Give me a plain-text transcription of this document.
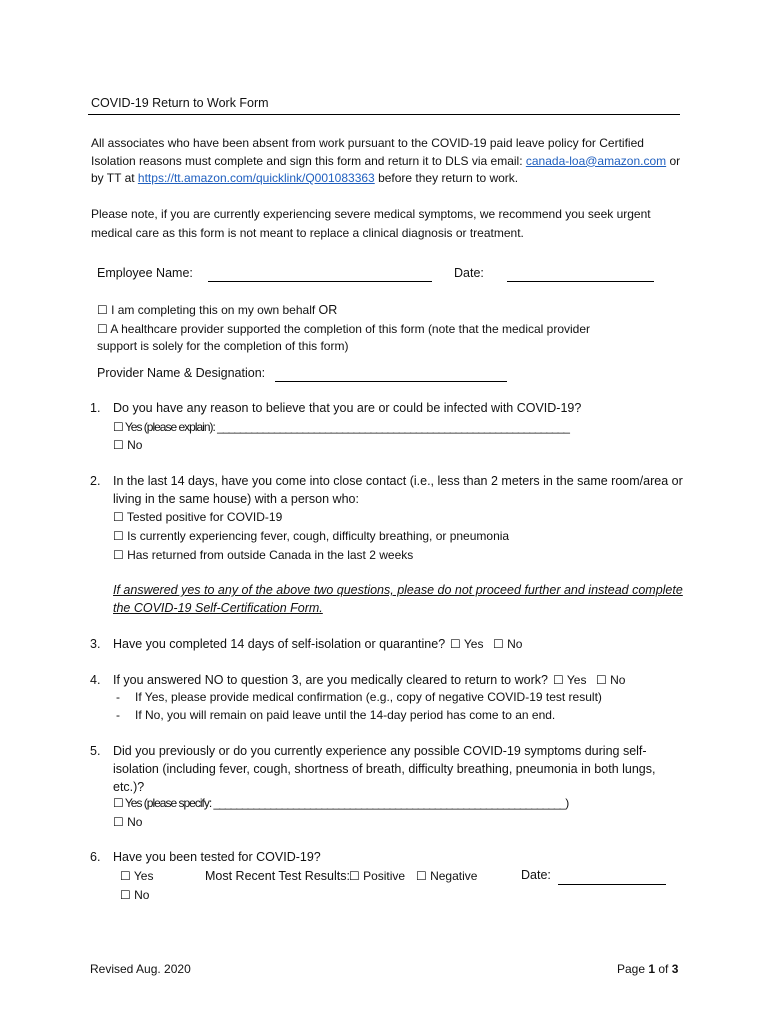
COVID-19 Return to Work Form
All associates who have been absent from work pursuant to the COVID-19 paid leave policy for Certified Isolation reasons must complete and sign this form and return it to DLS via email: canada-loa@amazon.com or by TT at https://tt.amazon.com/quicklink/Q001083363 before they return to work.
Please note, if you are currently experiencing severe medical symptoms, we recommend you seek urgent medical care as this form is not meant to replace a clinical diagnosis or treatment.
Employee Name:	Date:
☐ I am completing this on my own behalf OR
☐ A healthcare provider supported the completion of this form (note that the medical provider
support is solely for the completion of this form)
Provider Name & Designation:
1. Do you have any reason to believe that you are or could be infected with COVID-19?
☐ Yes (please explain): ______________________________________________________________
☐ No
2. In the last 14 days, have you come into close contact (i.e., less than 2 meters in the same room/area or
living in the same house) with a person who:
☐ Tested positive for COVID-19
☐ Is currently experiencing fever, cough, difficulty breathing, or pneumonia
☐ Has returned from outside Canada in the last 2 weeks
If answered yes to any of the above two questions, please do not proceed further and instead complete
the COVID-19 Self-Certification Form.
3. Have you completed 14 days of self-isolation or quarantine? ☐ Yes ☐ No
4. If you answered NO to question 3, are you medically cleared to return to work? ☐ Yes ☐ No
- If Yes, please provide medical confirmation (e.g., copy of negative COVID-19 test result)
- If No, you will remain on paid leave until the 14-day period has come to an end.
5. Did you previously or do you currently experience any possible COVID-19 symptoms during self-
isolation (including fever, cough, shortness of breath, difficulty breathing, pneumonia in both lungs,
etc.)?
☐ Yes (please specify: ______________________________________________________________)
☐ No
6. Have you been tested for COVID-19?
☐ Yes	Most Recent Test Results: ☐ Positive ☐ Negative	Date:
☐ No
Revised Aug. 2020	Page 1 of 3
